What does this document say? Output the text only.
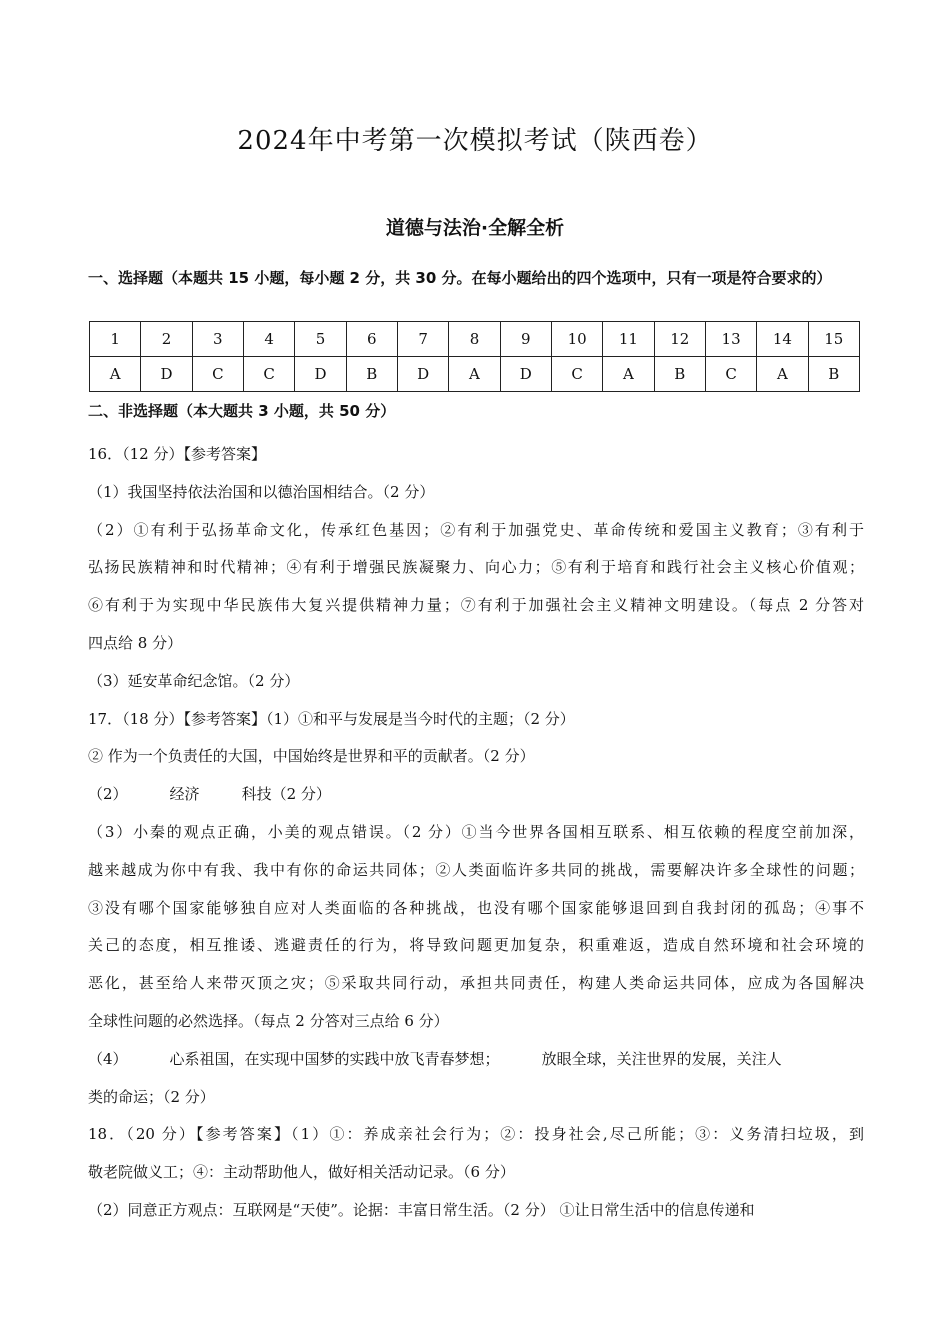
2024年中考第一次模拟考试（陕西卷）
道德与法治·全解全析
一、选择题（本题共 15 小题，每小题 2 分，共 30 分。在每小题给出的四个选项中，只有一项是符合要求的）
1	2	3	4	5	6	7	8	9	10	11	12	13	14	15
A	D	C	C	D	B	D	A	D	C	A	B	C	A	B
二、非选择题（本大题共 3 小题，共 50 分）
16．（12 分）【参考答案】
（1）我国坚持依法治国和以德治国相结合。（2 分）
（2）①有利于弘扬革命文化，传承红色基因；②有利于加强党史、革命传统和爱国主义教育；③有利于
弘扬民族精神和时代精神；④有利于增强民族凝聚力、向心力；⑤有利于培育和践行社会主义核心价值观；
⑥有利于为实现中华民族伟大复兴提供精神力量；⑦有利于加强社会主义精神文明建设。（每点 2 分答对
四点给 8 分）
（3）延安革命纪念馆。（2 分）
17．（18 分）【参考答案】（1）①和平与发展是当今时代的主题；（2 分）
② 作为一个负责任的大国，中国始终是世界和平的贡献者。（2 分）
（2）	经济	科技（2 分）
（3）小秦的观点正确，小美的观点错误。（2 分）①当今世界各国相互联系、相互依赖的程度空前加深，
越来越成为你中有我、我中有你的命运共同体；②人类面临许多共同的挑战，需要解决许多全球性的问题；
③没有哪个国家能够独自应对人类面临的各种挑战，也没有哪个国家能够退回到自我封闭的孤岛；④事不
关己的态度，相互推诿、逃避责任的行为，将导致问题更加复杂，积重难返，造成自然环境和社会环境的
恶化，甚至给人来带灭顶之灾；⑤采取共同行动，承担共同责任，构建人类命运共同体，应成为各国解决
全球性问题的必然选择。（每点 2 分答对三点给 6 分）
（4）	心系祖国，在实现中国梦的实践中放飞青春梦想；	放眼全球，关注世界的发展，关注人
类的命运；（2 分）
18．（20 分）【参考答案】（1）①：养成亲社会行为；②：投身社会,尽己所能；③：义务清扫垃圾，到
敬老院做义工；④：主动帮助他人，做好相关活动记录。（6 分）
（2）同意正方观点：互联网是“天使”。论据：丰富日常生活。（2 分） ①让日常生活中的信息传递和
